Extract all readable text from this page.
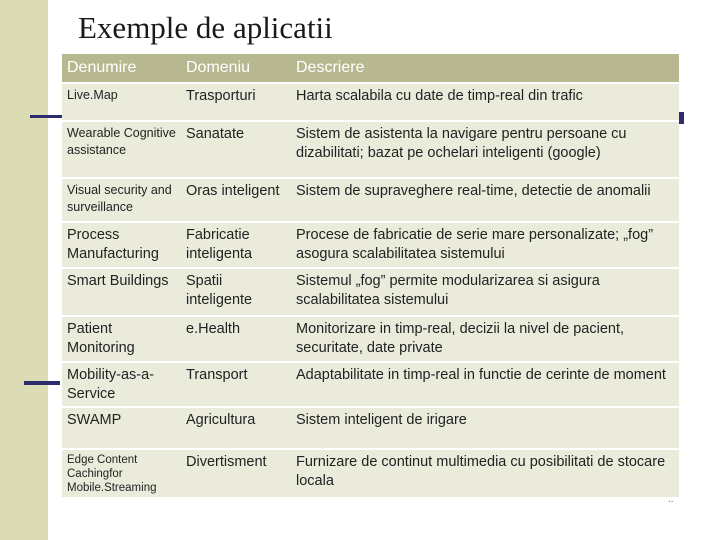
Exemple de aplicatii
Denumire	Domeniu	Descriere
Live.Map	Trasporturi	Harta scalabila cu date de timp-real din trafic
Wearable Cognitive assistance	Sanatate	Sistem de asistenta la navigare pentru persoane cu dizabilitati; bazat pe ochelari inteligenti (google)
Visual security and surveillance	Oras inteligent	Sistem de supraveghere real-time, detectie de anomalii
Process Manufacturing	Fabricatie inteligenta	Procese de fabricatie de serie mare personalizate; „fog” asogura scalabilitatea sistemului
Smart Buildings	Spatii inteligente	Sistemul „fog” permite modularizarea si asigura scalabilitatea sistemului
Patient Monitoring	e.Health	Monitorizare in timp-real, decizii la nivel de pacient, securitate, date private
Mobility-as-a-Service	Transport	Adaptabilitate in timp-real in functie de cerinte de moment
SWAMP	Agricultura	Sistem inteligent de irigare
Edge Content Cachingfor Mobile.Streaming	Divertisment	Furnizare de continut multimedia cu posibilitati de stocare locala
..
